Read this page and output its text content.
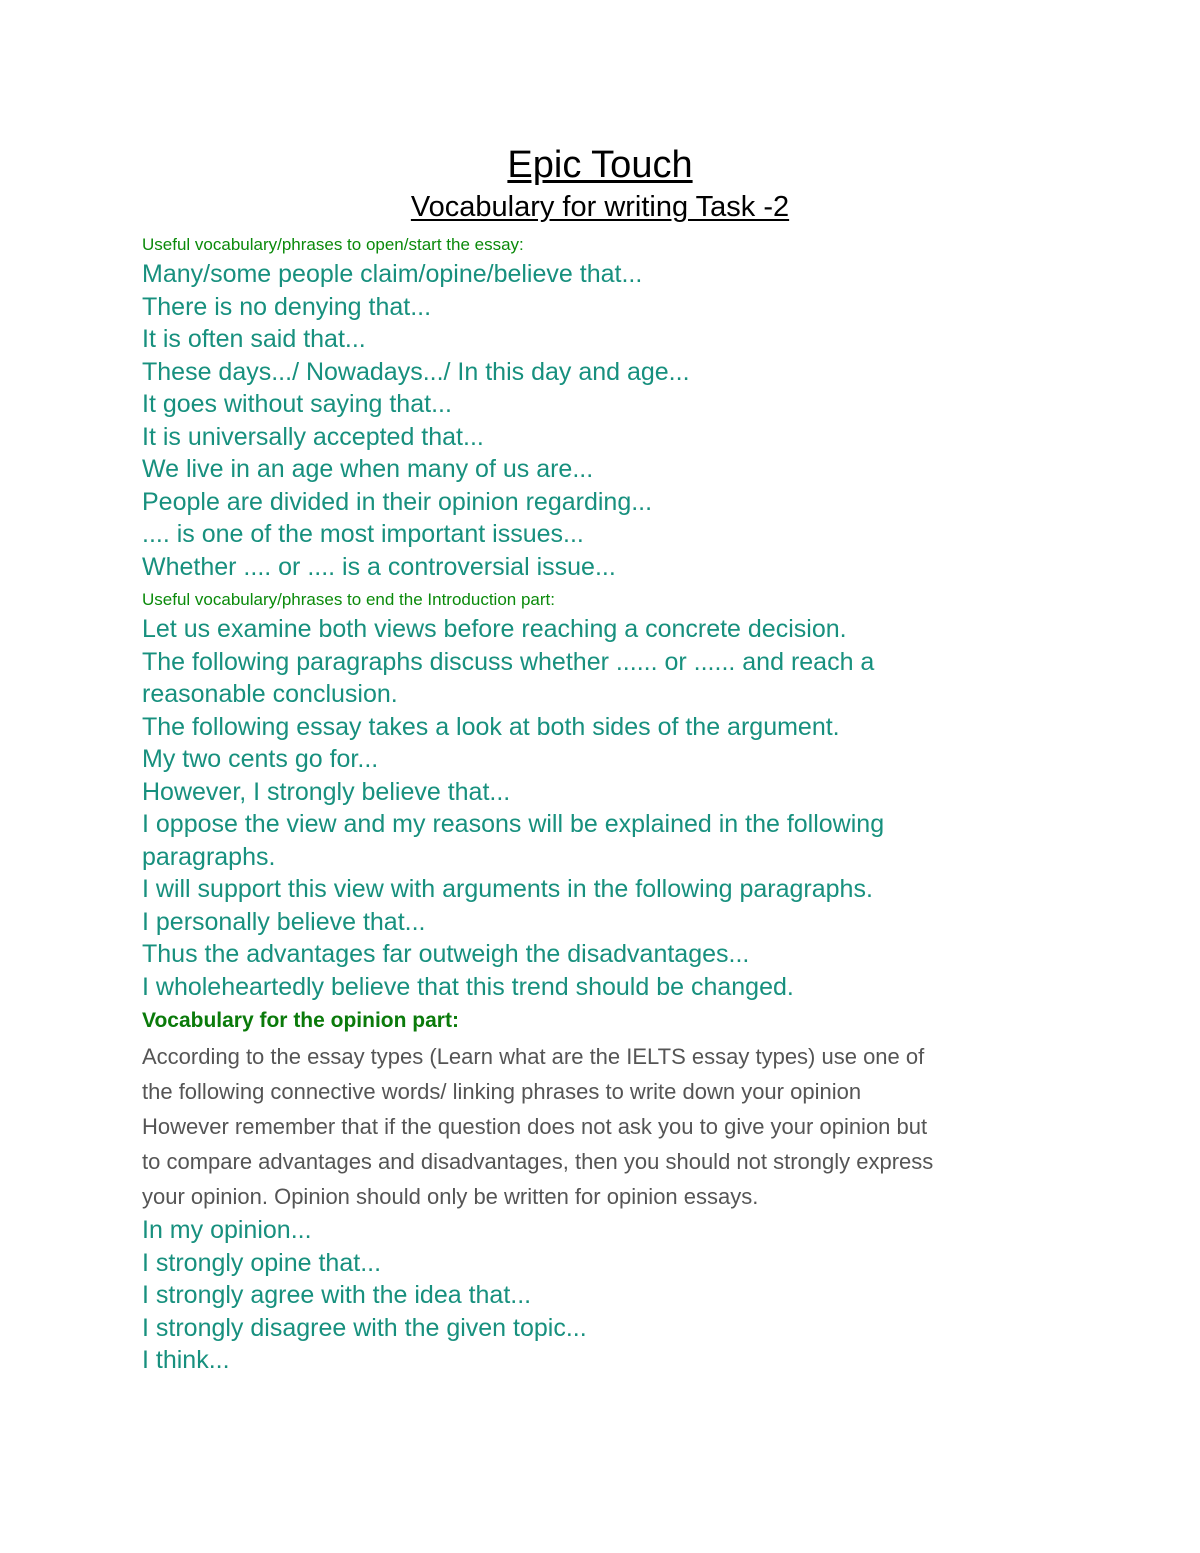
Epic Touch

Vocabulary for writing Task -2

Useful vocabulary/phrases to open/start the essay:

Many/some people claim/opine/believe that...

There is no denying that...

It is often said that...

These days.../ Nowadays.../ In this day and age...

It goes without saying that...

It is universally accepted that...

We live in an age when many of us are...

People are divided in their opinion regarding...

.... is one of the most important issues...

Whether .... or .... is a controversial issue...

Useful vocabulary/phrases to end the Introduction part:

Let us examine both views before reaching a concrete decision.

The following paragraphs discuss whether ...... or ...... and reach a

reasonable conclusion.

The following essay takes a look at both sides of the argument.

My two cents go for...

However, I strongly believe that...

I oppose the view and my reasons will be explained in the following

paragraphs.

I will support this view with arguments in the following paragraphs.

I personally believe that...

Thus the advantages far outweigh the disadvantages...

I wholeheartedly believe that this trend should be changed.

Vocabulary for the opinion part:

According to the essay types (Learn what are the IELTS essay types) use one of

the following connective words/ linking phrases to write down your opinion

However remember that if the question does not ask you to give your opinion but

to compare advantages and disadvantages, then you should not strongly express

your opinion. Opinion should only be written for opinion essays.

In my opinion...

I strongly opine that...

I strongly agree with the idea that...

I strongly disagree with the given topic...

I think...
